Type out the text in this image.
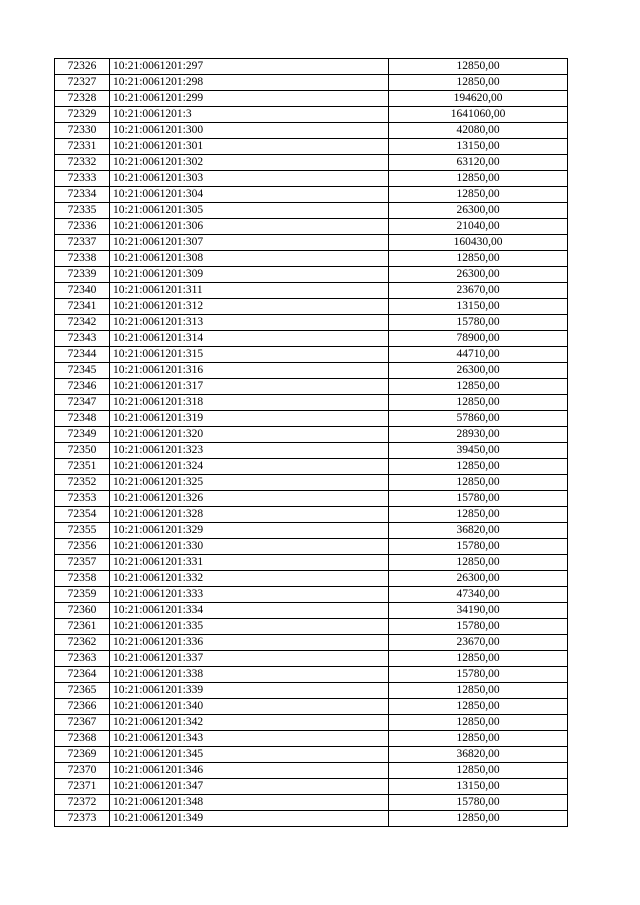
72326	10:21:0061201:297	12850,00
72327	10:21:0061201:298	12850,00
72328	10:21:0061201:299	194620,00
72329	10:21:0061201:3	1641060,00
72330	10:21:0061201:300	42080,00
72331	10:21:0061201:301	13150,00
72332	10:21:0061201:302	63120,00
72333	10:21:0061201:303	12850,00
72334	10:21:0061201:304	12850,00
72335	10:21:0061201:305	26300,00
72336	10:21:0061201:306	21040,00
72337	10:21:0061201:307	160430,00
72338	10:21:0061201:308	12850,00
72339	10:21:0061201:309	26300,00
72340	10:21:0061201:311	23670,00
72341	10:21:0061201:312	13150,00
72342	10:21:0061201:313	15780,00
72343	10:21:0061201:314	78900,00
72344	10:21:0061201:315	44710,00
72345	10:21:0061201:316	26300,00
72346	10:21:0061201:317	12850,00
72347	10:21:0061201:318	12850,00
72348	10:21:0061201:319	57860,00
72349	10:21:0061201:320	28930,00
72350	10:21:0061201:323	39450,00
72351	10:21:0061201:324	12850,00
72352	10:21:0061201:325	12850,00
72353	10:21:0061201:326	15780,00
72354	10:21:0061201:328	12850,00
72355	10:21:0061201:329	36820,00
72356	10:21:0061201:330	15780,00
72357	10:21:0061201:331	12850,00
72358	10:21:0061201:332	26300,00
72359	10:21:0061201:333	47340,00
72360	10:21:0061201:334	34190,00
72361	10:21:0061201:335	15780,00
72362	10:21:0061201:336	23670,00
72363	10:21:0061201:337	12850,00
72364	10:21:0061201:338	15780,00
72365	10:21:0061201:339	12850,00
72366	10:21:0061201:340	12850,00
72367	10:21:0061201:342	12850,00
72368	10:21:0061201:343	12850,00
72369	10:21:0061201:345	36820,00
72370	10:21:0061201:346	12850,00
72371	10:21:0061201:347	13150,00
72372	10:21:0061201:348	15780,00
72373	10:21:0061201:349	12850,00
